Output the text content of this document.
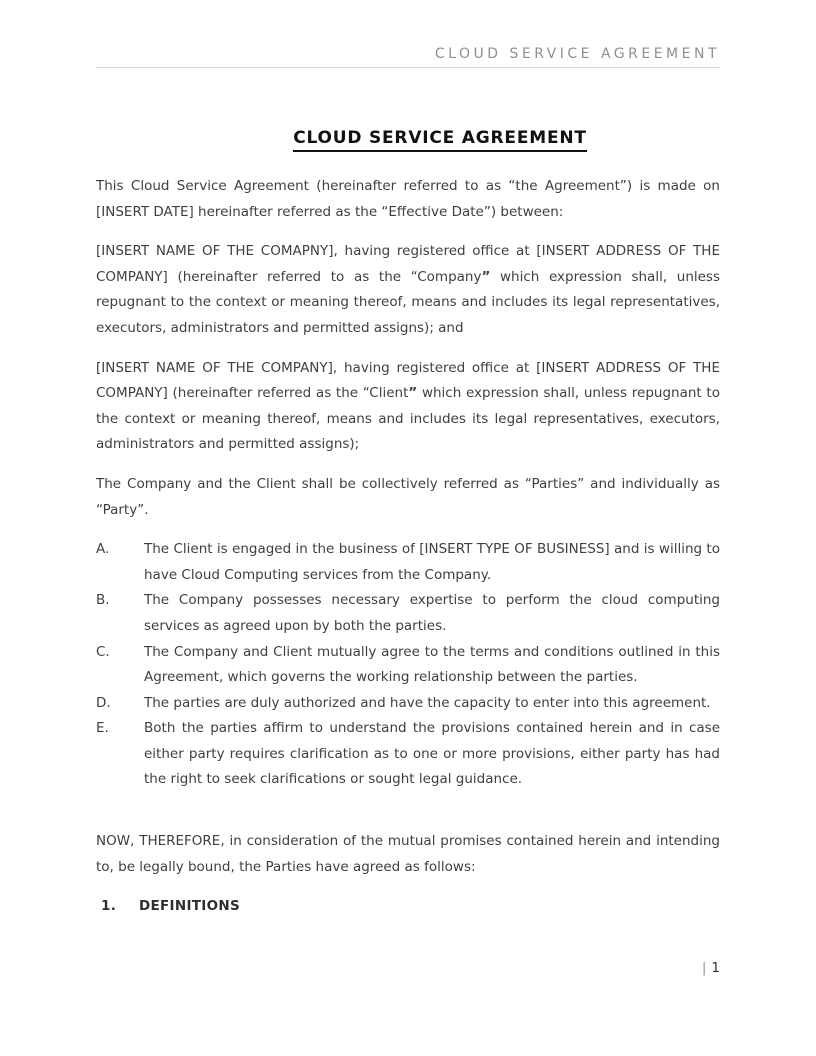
CLOUD SERVICE AGREEMENT
CLOUD SERVICE AGREEMENT

This Cloud Service Agreement (hereinafter referred to as “the Agreement”) is made on [INSERT DATE] hereinafter referred as the “Effective Date”) between:

[INSERT NAME OF THE COMAPNY], having registered office at [INSERT ADDRESS OF THE COMPANY] (hereinafter referred to as the “Company” which expression shall, unless repugnant to the context or meaning thereof, means and includes its legal representatives, executors, administrators and permitted assigns); and

[INSERT NAME OF THE COMPANY], having registered office at [INSERT ADDRESS OF THE COMPANY] (hereinafter referred as the “Client” which expression shall, unless repugnant to the context or meaning thereof, means and includes its legal representatives, executors, administrators and permitted assigns);

The Company and the Client shall be collectively referred as “Parties” and individually as “Party”.

A.	The Client is engaged in the business of [INSERT TYPE OF BUSINESS] and is willing to have Cloud Computing services from the Company.
B.	The Company possesses necessary expertise to perform the cloud computing services as agreed upon by both the parties.
C.	The Company and Client mutually agree to the terms and conditions outlined in this Agreement, which governs the working relationship between the parties.
D.	The parties are duly authorized and have the capacity to enter into this agreement.
E.	Both the parties affirm to understand the provisions contained herein and in case either party requires clarification as to one or more provisions, either party has had the right to seek clarifications or sought legal guidance.

NOW, THEREFORE, in consideration of the mutual promises contained herein and intending to, be legally bound, the Parties have agreed as follows:

1.	DEFINITIONS
| 1
